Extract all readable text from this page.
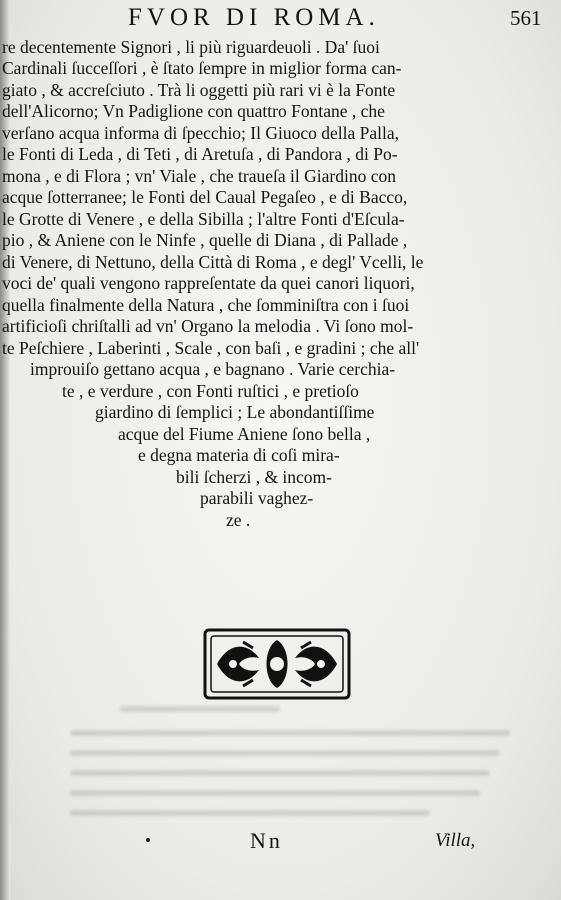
FVOR DI ROMA.	561
re decentemente Signori , li più riguardeuoli . Da' ſuoi
Cardinali ſucceſſori , è ſtato ſempre in miglior forma can-
giato , & accreſciuto . Trà li oggetti più rari vi è la Fonte
dell'Alicorno; Vn Padiglione con quattro Fontane , che
verſano acqua informa di ſpecchio; Il Giuoco della Palla,
le Fonti di Leda , di Teti , di Aretuſa , di Pandora , di Po-
mona , e di Flora ; vn' Viale , che traueſa il Giardino con
acque ſotterranee; le Fonti del Caual Pegaſeo , e di Bacco,
le Grotte di Venere , e della Sibilla ; l'altre Fonti d'Eſcula-
pio , & Aniene con le Ninfe , quelle di Diana , di Pallade ,
di Venere, di Nettuno, della Città di Roma , e degl' Vcelli, le
voci de' quali vengono rappreſentate da quei canori liquori,
quella finalmente della Natura , che ſomminiſtra con i ſuoi
artificioſi chriſtalli ad vn' Organo la melodia . Vi ſono mol-
te Peſchiere , Laberinti , Scale , con baſi , e gradini ; che all'
improuiſo gettano acqua , e bagnano . Varie cerchia-
te , e verdure , con Fonti ruſtici , e pretioſo
giardino di ſemplici ; Le abondantiſſime
acque del Fiume Aniene ſono bella ,
e degna materia di coſi mira-
bili ſcherzi , & incom-
parabili vaghez-
ze .
Nn	Villa,
